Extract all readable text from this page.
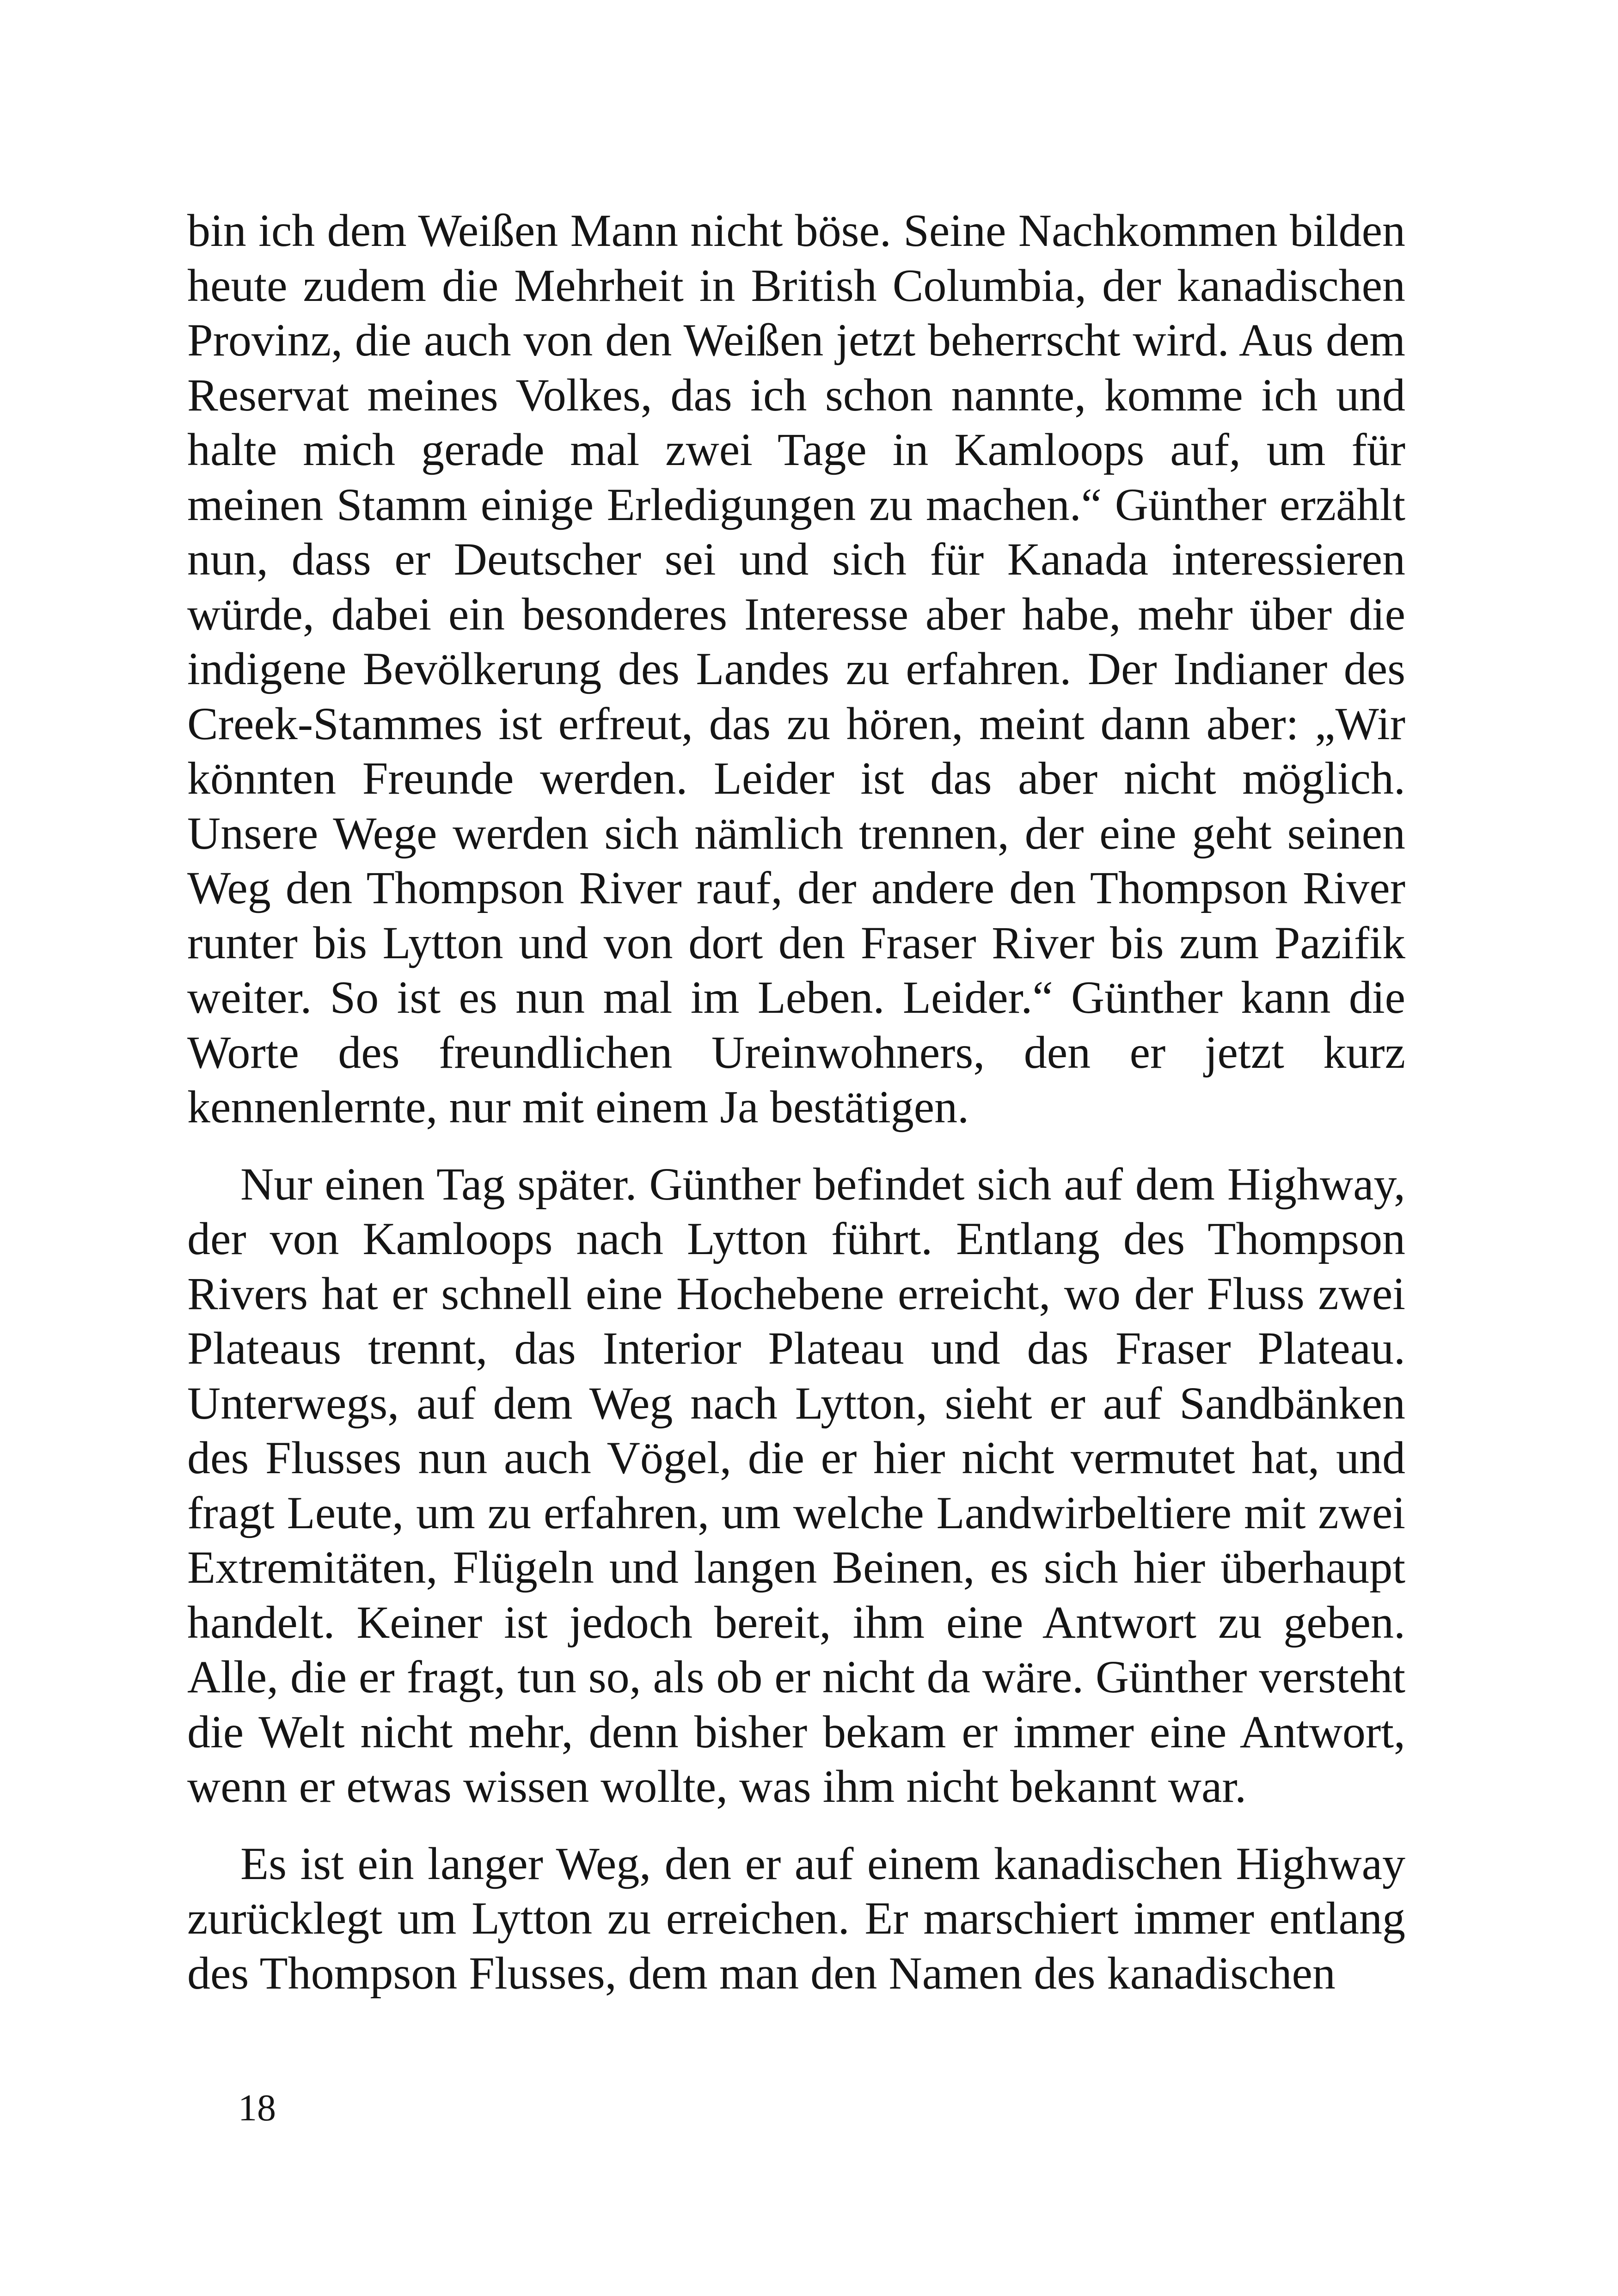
bin ich dem Weißen Mann nicht böse. Seine Nachkommen bilden heute zudem die Mehrheit in British Columbia, der kanadischen Provinz, die auch von den Weißen jetzt beherrscht wird. Aus dem Reservat meines Volkes, das ich schon nannte, komme ich und halte mich gerade mal zwei Tage in Kamloops auf, um für meinen Stamm einige Erledigungen zu machen.“ Günther erzählt nun, dass er Deutscher sei und sich für Kanada interessieren würde, dabei ein besonderes Interesse aber habe, mehr über die indigene Bevölkerung des Landes zu erfahren. Der Indianer des Creek-Stammes ist erfreut, das zu hören, meint dann aber: „Wir könnten Freunde werden. Leider ist das aber nicht möglich. Unsere Wege werden sich nämlich trennen, der eine geht seinen Weg den Thompson River rauf, der andere den Thompson River runter bis Lytton und von dort den Fraser River bis zum Pazifik weiter. So ist es nun mal im Leben. Leider.“ Günther kann die Worte des freundlichen Ureinwohners, den er jetzt kurz kennenlernte, nur mit einem Ja bestätigen.

Nur einen Tag später. Günther befindet sich auf dem Highway, der von Kamloops nach Lytton führt. Entlang des Thompson Rivers hat er schnell eine Hochebene erreicht, wo der Fluss zwei Plateaus trennt, das Interior Plateau und das Fraser Plateau. Unterwegs, auf dem Weg nach Lytton, sieht er auf Sandbänken des Flusses nun auch Vögel, die er hier nicht vermutet hat, und fragt Leute, um zu erfahren, um welche Landwirbeltiere mit zwei Extremitäten, Flügeln und langen Beinen, es sich hier überhaupt handelt. Keiner ist jedoch bereit, ihm eine Antwort zu geben. Alle, die er fragt, tun so, als ob er nicht da wäre. Günther versteht die Welt nicht mehr, denn bisher bekam er immer eine Antwort, wenn er etwas wissen wollte, was ihm nicht bekannt war.

Es ist ein langer Weg, den er auf einem kanadischen Highway zurücklegt um Lytton zu erreichen. Er marschiert immer entlang des Thompson Flusses, dem man den Namen des kanadischen

18
